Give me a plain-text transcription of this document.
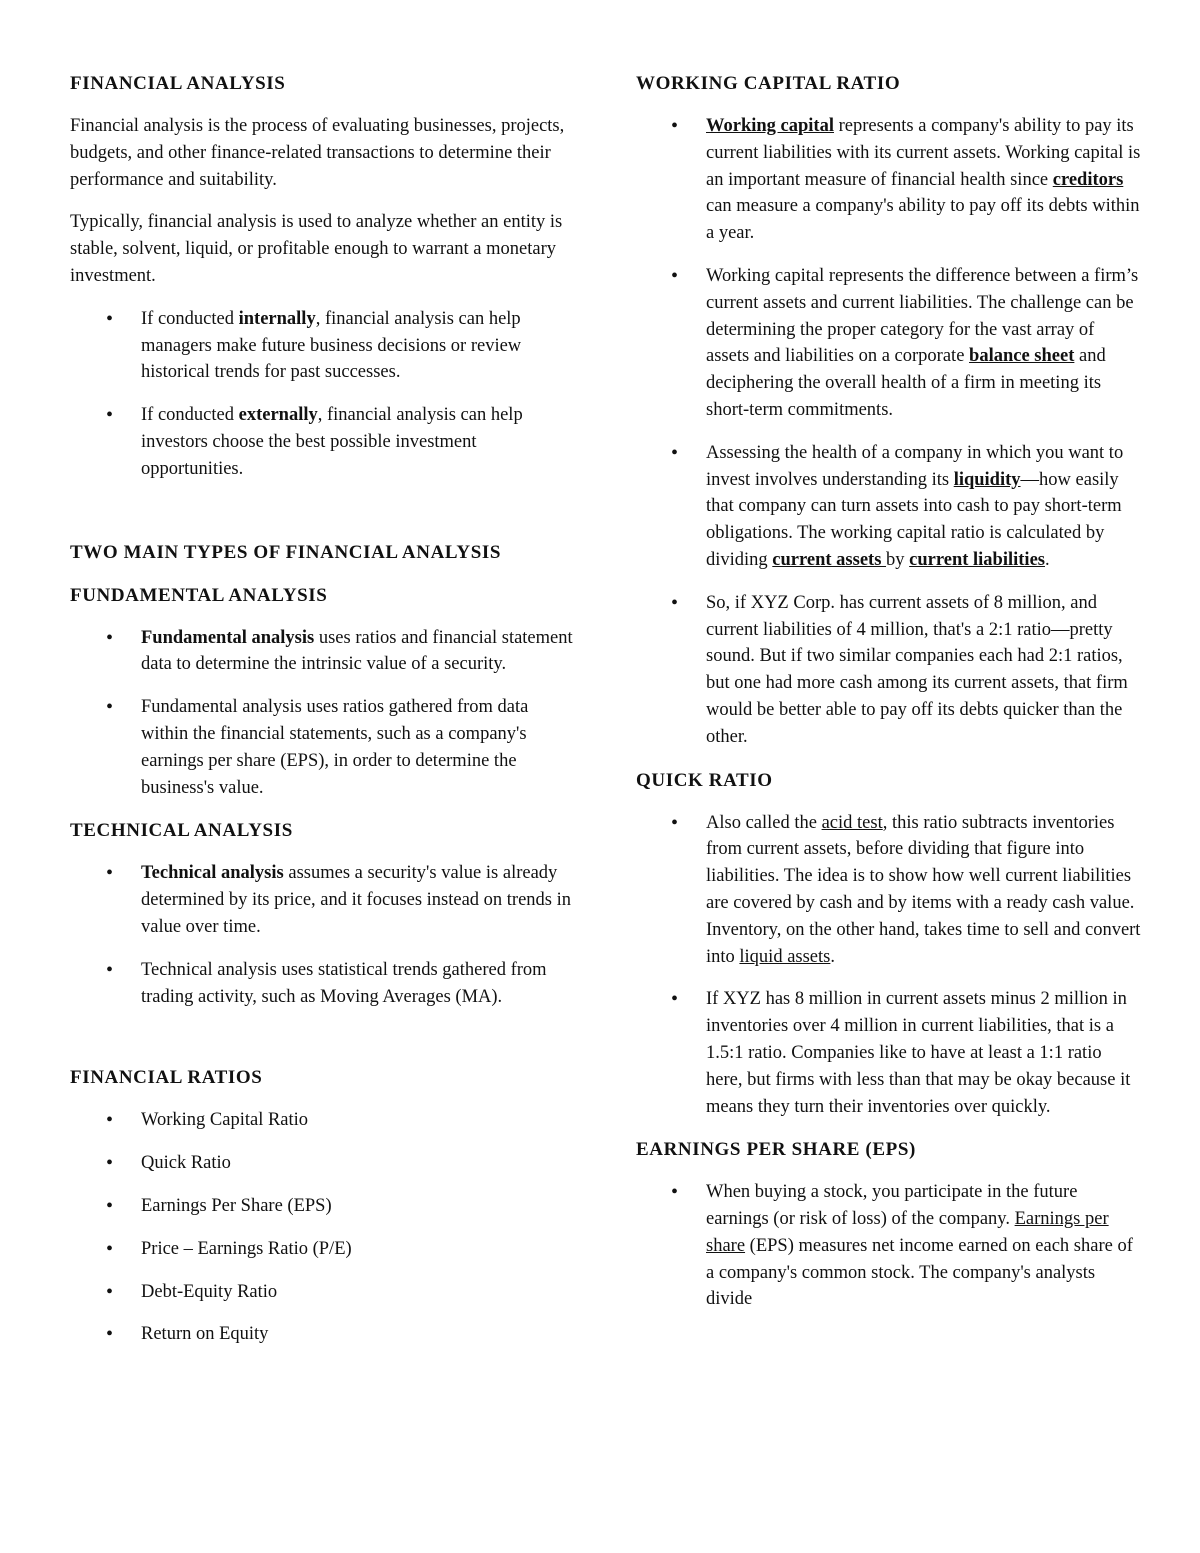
FINANCIAL ANALYSIS

Financial analysis is the process of evaluating businesses, projects, budgets, and other finance-related transactions to determine their performance and suitability.

Typically, financial analysis is used to analyze whether an entity is stable, solvent, liquid, or profitable enough to warrant a monetary investment.

• If conducted internally, financial analysis can help managers make future business decisions or review historical trends for past successes.
• If conducted externally, financial analysis can help investors choose the best possible investment opportunities.
TWO MAIN TYPES OF FINANCIAL ANALYSIS
FUNDAMENTAL ANALYSIS
• Fundamental analysis uses ratios and financial statement data to determine the intrinsic value of a security.
• Fundamental analysis uses ratios gathered from data within the financial statements, such as a company's earnings per share (EPS), in order to determine the business's value.
TECHNICAL ANALYSIS
• Technical analysis assumes a security's value is already determined by its price, and it focuses instead on trends in value over time.
• Technical analysis uses statistical trends gathered from trading activity, such as Moving Averages (MA).
FINANCIAL RATIOS
• Working Capital Ratio
• Quick Ratio
• Earnings Per Share (EPS)
• Price – Earnings Ratio (P/E)
• Debt-Equity Ratio
• Return on Equity
WORKING CAPITAL RATIO
• Working capital represents a company's ability to pay its current liabilities with its current assets. Working capital is an important measure of financial health since creditors can measure a company's ability to pay off its debts within a year.
• Working capital represents the difference between a firm’s current assets and current liabilities. The challenge can be determining the proper category for the vast array of assets and liabilities on a corporate balance sheet and deciphering the overall health of a firm in meeting its short-term commitments.
• Assessing the health of a company in which you want to invest involves understanding its liquidity—how easily that company can turn assets into cash to pay short-term obligations. The working capital ratio is calculated by dividing current assets by current liabilities.
• So, if XYZ Corp. has current assets of 8 million, and current liabilities of 4 million, that's a 2:1 ratio—pretty sound. But if two similar companies each had 2:1 ratios, but one had more cash among its current assets, that firm would be better able to pay off its debts quicker than the other.
QUICK RATIO
• Also called the acid test, this ratio subtracts inventories from current assets, before dividing that figure into liabilities. The idea is to show how well current liabilities are covered by cash and by items with a ready cash value. Inventory, on the other hand, takes time to sell and convert into liquid assets.
• If XYZ has 8 million in current assets minus 2 million in inventories over 4 million in current liabilities, that is a 1.5:1 ratio. Companies like to have at least a 1:1 ratio here, but firms with less than that may be okay because it means they turn their inventories over quickly.
EARNINGS PER SHARE (EPS)
• When buying a stock, you participate in the future earnings (or risk of loss) of the company. Earnings per share (EPS) measures net income earned on each share of a company's common stock. The company's analysts divide
